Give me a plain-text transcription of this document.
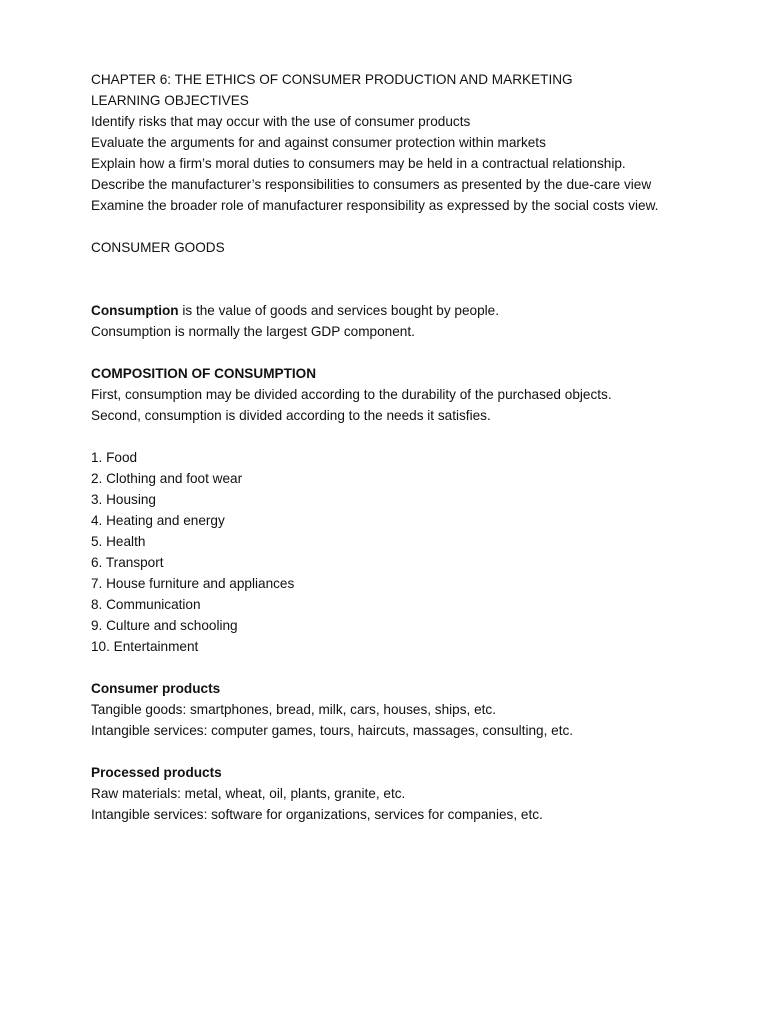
CHAPTER 6: THE ETHICS OF CONSUMER PRODUCTION AND MARKETING

LEARNING OBJECTIVES

Identify risks that may occur with the use of consumer products

Evaluate the arguments for and against consumer protection within markets

Explain how a firm’s moral duties to consumers may be held in a contractual relationship.

Describe the manufacturer’s responsibilities to consumers as presented by the due-care view

Examine the broader role of manufacturer responsibility as expressed by the social costs view.

CONSUMER GOODS

Consumption is the value of goods and services bought by people.

Consumption is normally the largest GDP component.

COMPOSITION OF CONSUMPTION

First, consumption may be divided according to the durability of the purchased objects.

Second, consumption is divided according to the needs it satisfies.

1. Food
2. Clothing and foot wear
3. Housing
4. Heating and energy
5. Health
6. Transport
7. House furniture and appliances
8. Communication
9. Culture and schooling
10. Entertainment

Consumer products

Tangible goods: smartphones, bread, milk, cars, houses, ships, etc.

Intangible services: computer games, tours, haircuts, massages, consulting, etc.

Processed products

Raw materials: metal, wheat, oil, plants, granite, etc.

Intangible services: software for organizations, services for companies, etc.
